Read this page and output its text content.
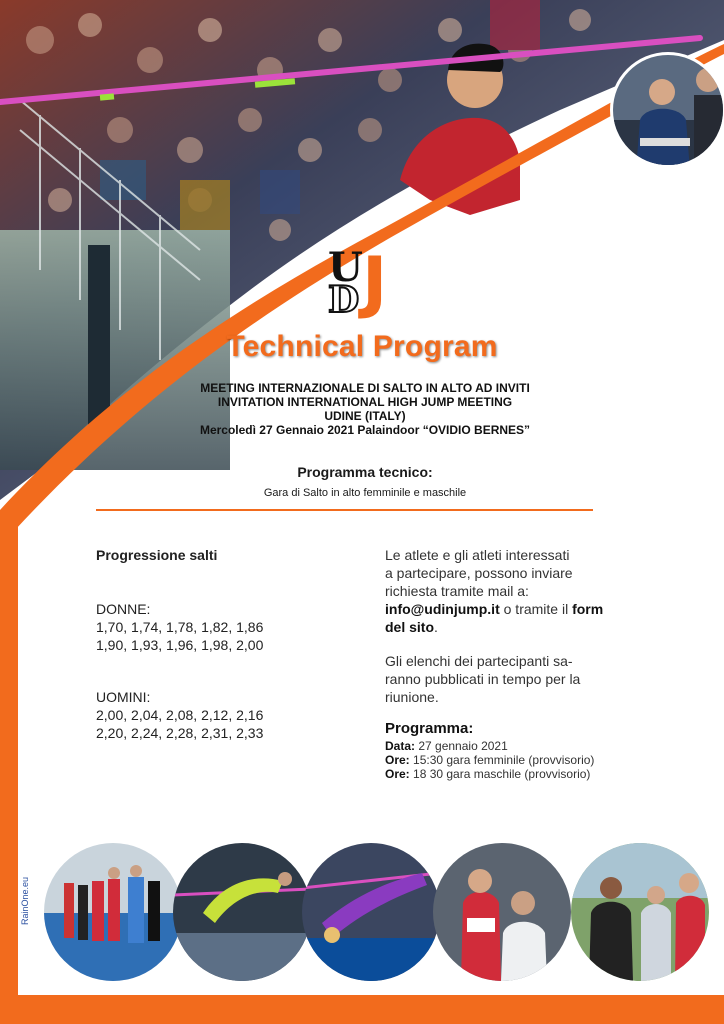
U
D J
Technical Program
MEETING INTERNAZIONALE DI SALTO IN ALTO AD INVITI
INVITATION INTERNATIONAL HIGH JUMP MEETING
UDINE (ITALY)
Mercoledì 27 Gennaio 2021 Palaindoor “OVIDIO BERNES”
Programma tecnico:
Gara di Salto in alto femminile e maschile
Progressione salti
DONNE:
1,70, 1,74, 1,78, 1,82, 1,86
1,90, 1,93, 1,96, 1,98, 2,00
UOMINI:
2,00, 2,04, 2,08, 2,12, 2,16
2,20, 2,24, 2,28, 2,31, 2,33
Le atlete e gli atleti interessati
a partecipare, possono inviare
richiesta tramite mail a:
info@udinjump.it o tramite il form
del sito.
Gli elenchi dei partecipanti sa-
ranno pubblicati in tempo per la
riunione.
Programma:
Data: 27 gennaio 2021
Ore: 15:30 gara femminile (provvisorio)
Ore: 18 30 gara maschile (provvisorio)
RainOne.eu
